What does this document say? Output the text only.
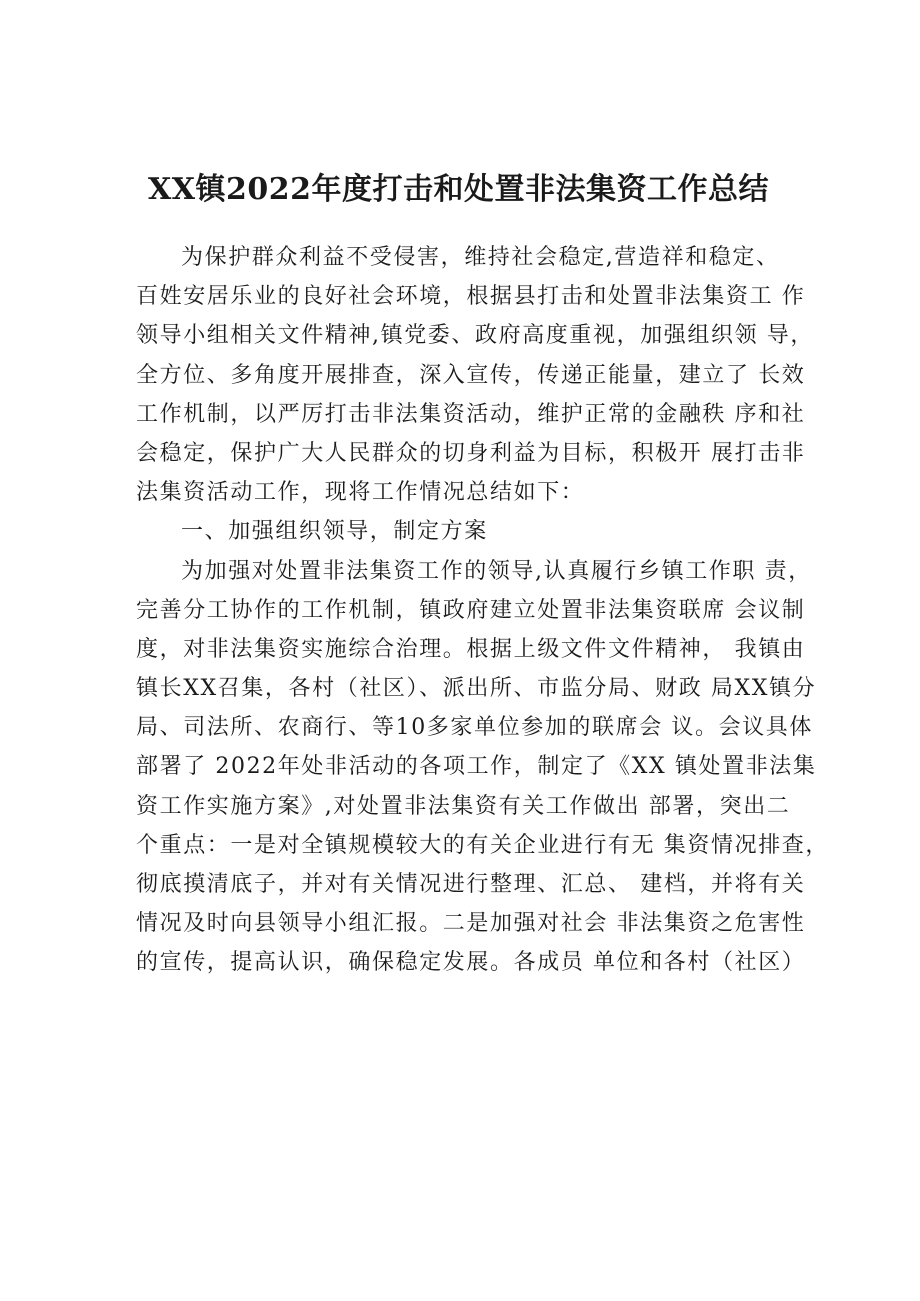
XX镇2022年度打击和处置非法集资工作总结

为保护群众利益不受侵害，维持社会稳定,营造祥和稳定、

百姓安居乐业的良好社会环境，根据县打击和处置非法集资工 作

领导小组相关文件精神,镇党委、政府高度重视，加强组织领 导，

全方位、多角度开展排查，深入宣传，传递正能量，建立了 长效

工作机制，以严厉打击非法集资活动，维护正常的金融秩 序和社

会稳定，保护广大人民群众的切身利益为目标，积极开 展打击非

法集资活动工作，现将工作情况总结如下：

一、加强组织领导，制定方案

为加强对处置非法集资工作的领导,认真履行乡镇工作职 责，

完善分工协作的工作机制，镇政府建立处置非法集资联席 会议制

度，对非法集资实施综合治理。根据上级文件文件精神， 我镇由

镇长XX召集，各村（社区）、派出所、市监分局、财政 局XX镇分

局、司法所、农商行、等10多家单位参加的联席会 议。会议具体

部署了 2022年处非活动的各项工作，制定了《XX 镇处置非法集

资工作实施方案》,对处置非法集资有关工作做出 部署，突出二

个重点：一是对全镇规模较大的有关企业进行有无 集资情况排查，

彻底摸清底子，并对有关情况进行整理、汇总、 建档，并将有关

情况及时向县领导小组汇报。二是加强对社会 非法集资之危害性

的宣传，提高认识，确保稳定发展。各成员 单位和各村（社区）
